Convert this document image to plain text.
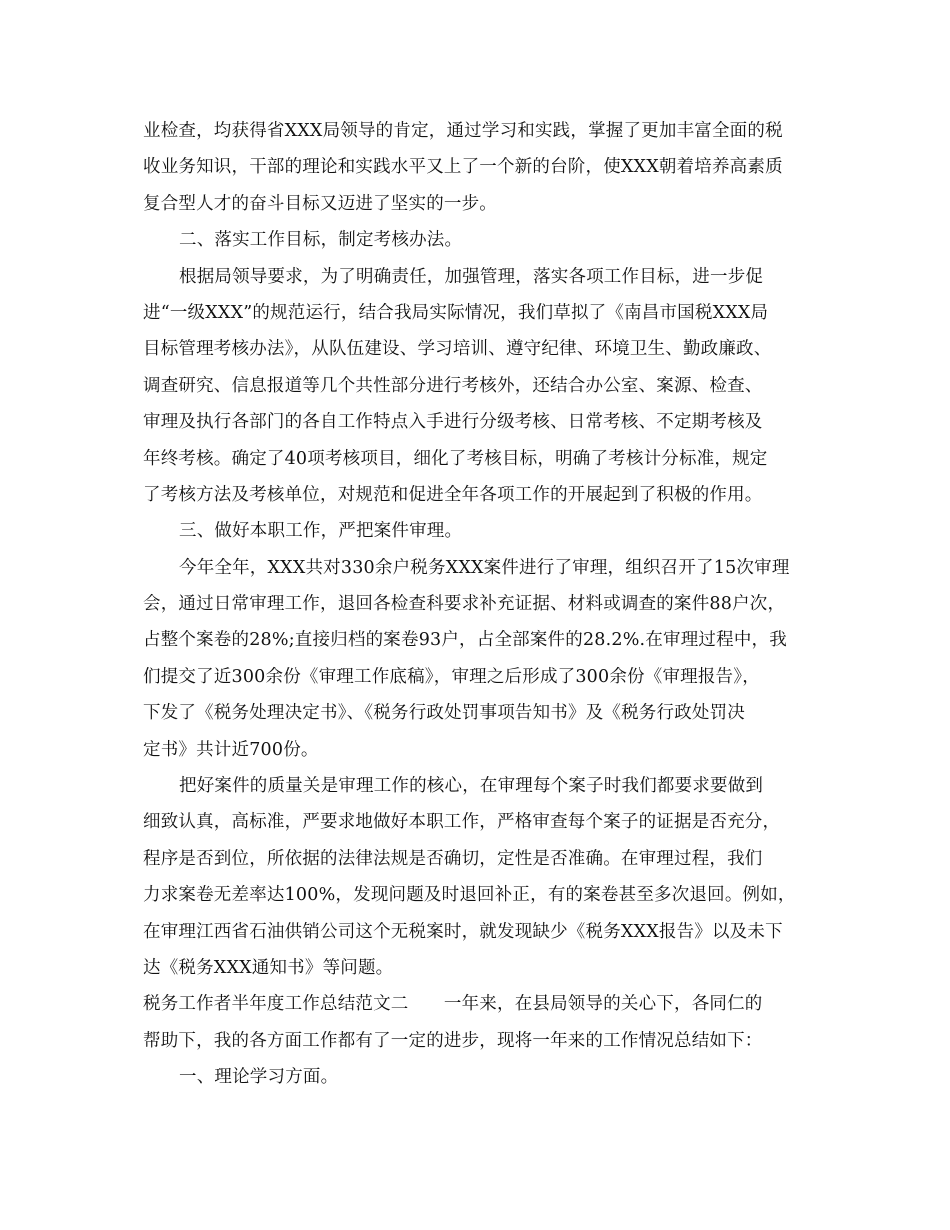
业检查，均获得省XXX局领导的肯定，通过学习和实践，掌握了更加丰富全面的税
收业务知识，干部的理论和实践水平又上了一个新的台阶，使XXX朝着培养高素质
复合型人才的奋斗目标又迈进了坚实的一步。
二、落实工作目标，制定考核办法。
根据局领导要求，为了明确责任，加强管理，落实各项工作目标，进一步促
进“一级XXX”的规范运行，结合我局实际情况，我们草拟了《南昌市国税XXX局
目标管理考核办法》，从队伍建设、学习培训、遵守纪律、环境卫生、勤政廉政、
调查研究、信息报道等几个共性部分进行考核外，还结合办公室、案源、检查、
审理及执行各部门的各自工作特点入手进行分级考核、日常考核、不定期考核及
年终考核。确定了40项考核项目，细化了考核目标，明确了考核计分标准，规定
了考核方法及考核单位，对规范和促进全年各项工作的开展起到了积极的作用。
三、做好本职工作，严把案件审理。
今年全年，XXX共对330余户税务XXX案件进行了审理，组织召开了15次审理
会，通过日常审理工作，退回各检查科要求补充证据、材料或调查的案件88户次，
占整个案卷的28%;直接归档的案卷93户，占全部案件的28.2%.在审理过程中，我
们提交了近300余份《审理工作底稿》，审理之后形成了300余份《审理报告》，
下发了《税务处理决定书》、《税务行政处罚事项告知书》及《税务行政处罚决
定书》共计近700份。
把好案件的质量关是审理工作的核心，在审理每个案子时我们都要求要做到
细致认真，高标准，严要求地做好本职工作，严格审查每个案子的证据是否充分，
程序是否到位，所依据的法律法规是否确切，定性是否准确。在审理过程，我们
力求案卷无差率达100%，发现问题及时退回补正，有的案卷甚至多次退回。例如，
在审理江西省石油供销公司这个无税案时，就发现缺少《税务XXX报告》以及未下
达《税务XXX通知书》等问题。
税务工作者半年度工作总结范文二　　一年来，在县局领导的关心下，各同仁的
帮助下，我的各方面工作都有了一定的进步，现将一年来的工作情况总结如下：
一、理论学习方面。
